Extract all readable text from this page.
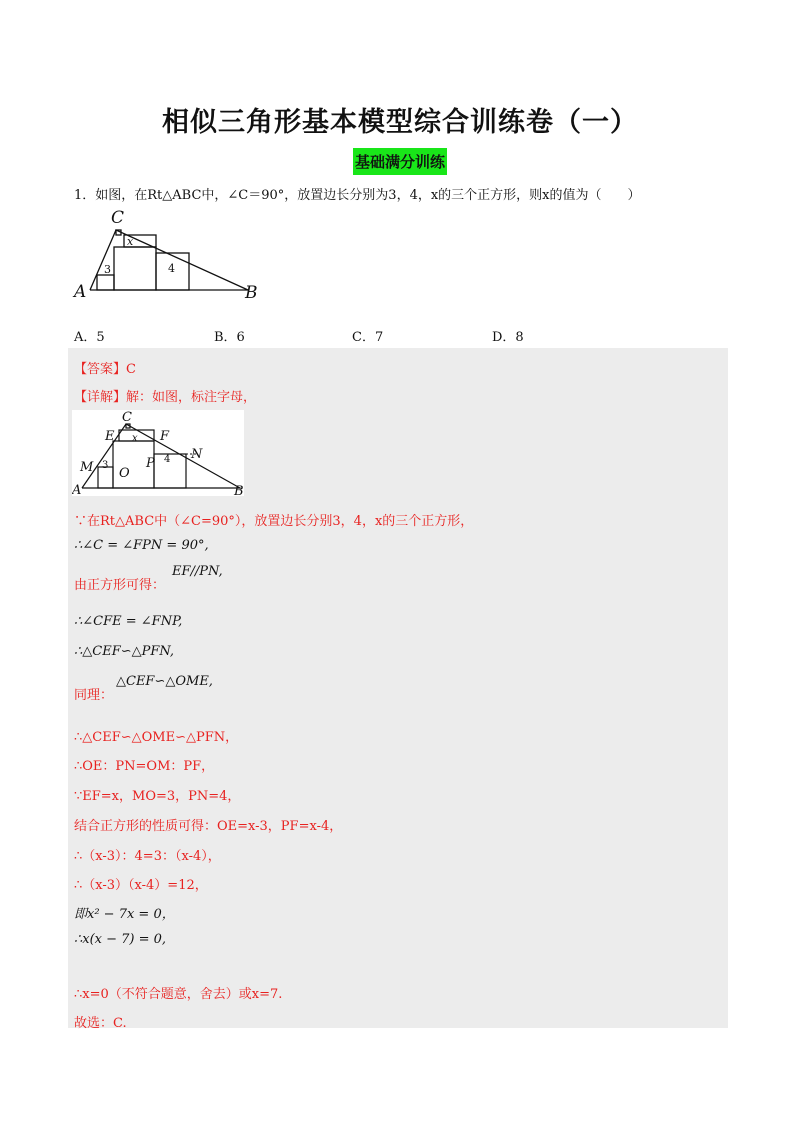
相似三角形基本模型综合训练卷（一）
基础满分训练
1．如图，在Rt△ABC中，∠C＝90°，放置边长分别为3，4，x的三个正方形，则x的值为（　　）
C
A	B
x
3	4
A．5	B．6	C．7	D．8
【答案】C
【详解】解：如图，标注字母，
C
E	F
x
M 3
O
P 4 N
A	B
∵在Rt△ABC中（∠C=90°），放置边长分别3，4，x的三个正方形，
∴∠C = ∠FPN = 90°,
由正方形可得：
EF//PN,
∴∠CFE = ∠FNP,
∴△CEF∽△PFN,
同理：
△CEF∽△OME,
∴△CEF∽△OME∽△PFN，
∴OE：PN=OM：PF，
∵EF=x，MO=3，PN=4，
结合正方形的性质可得：OE=x-3，PF=x-4，
∴（x-3）：4=3：（x-4），
∴（x-3）（x-4）=12，
即x² − 7x = 0，
∴x(x − 7) = 0,
∴x=0（不符合题意，舍去）或x=7.
故选：C.
